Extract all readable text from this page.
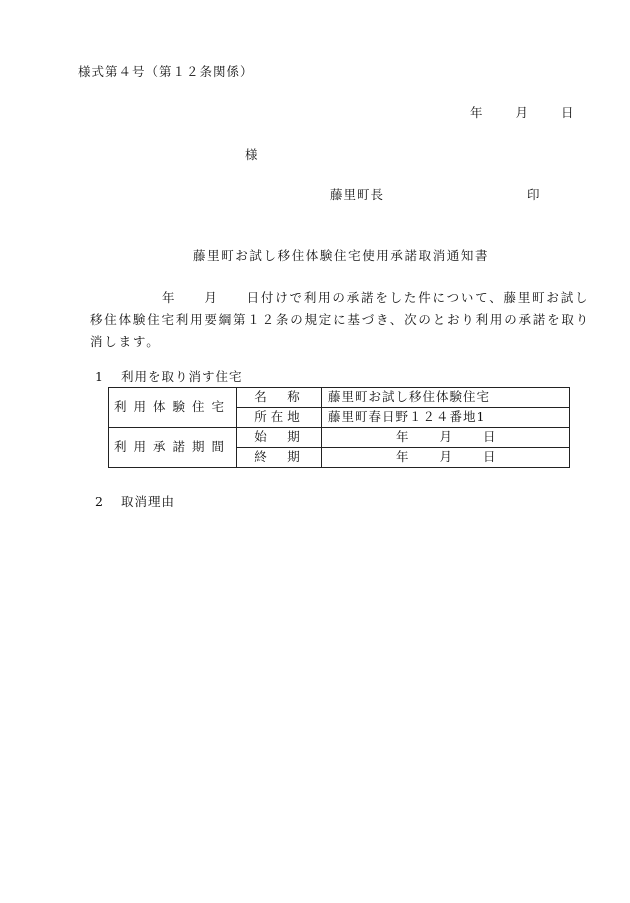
様式第４号（第１２条関係）
年	月	日
様
藤里町長	印
藤里町お試し移住体験住宅使用承諾取消通知書
年 月 日付けで利用の承諾をした件について、藤里町お試し移住体験住宅利用要綱第１２条の規定に基づき、次のとおり利用の承諾を取り消します。
1 利用を取り消す住宅
利用体験住宅	名　称	藤里町お試し移住体験住宅
	所在地	藤里町春日野１２４番地1
利用承諾期間	始　期	年 月 日
	終　期	年 月 日
2 取消理由
